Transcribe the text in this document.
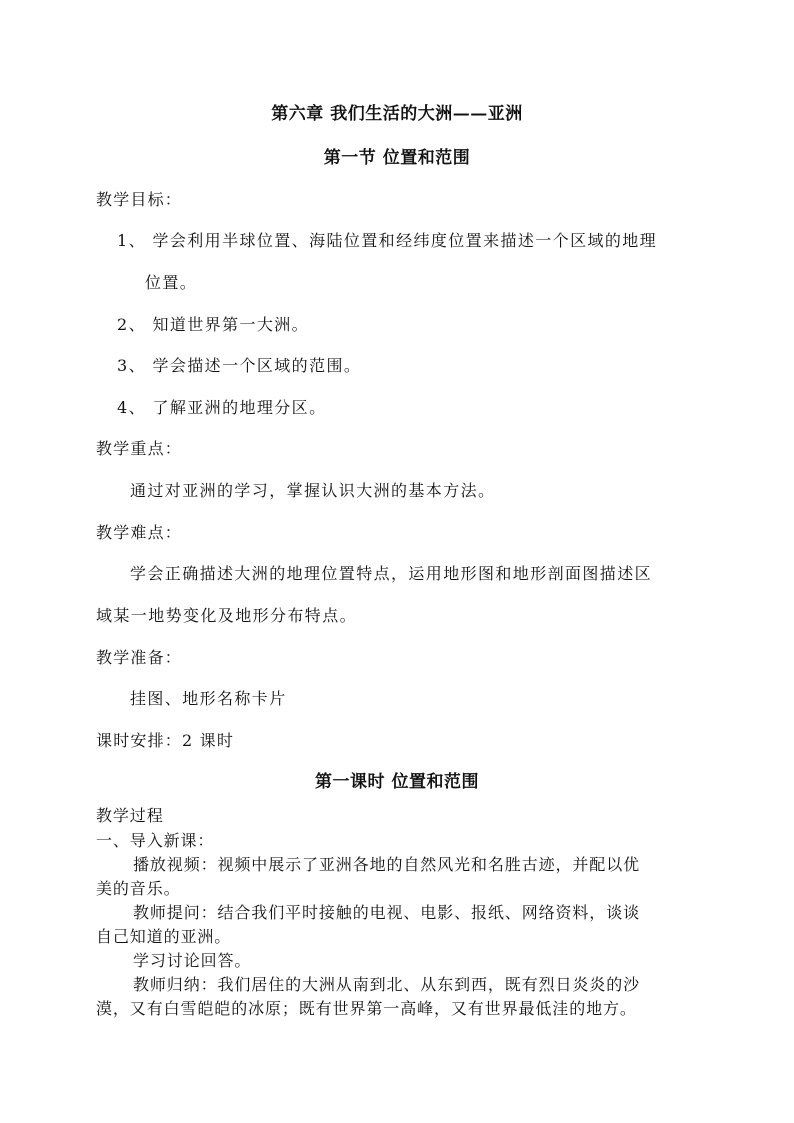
第六章 我们生活的大洲——亚洲
第一节 位置和范围
教学目标：
1、 学会利用半球位置、海陆位置和经纬度位置来描述一个区域的地理
位置。
2、 知道世界第一大洲。
3、 学会描述一个区域的范围。
4、 了解亚洲的地理分区。
教学重点：
通过对亚洲的学习，掌握认识大洲的基本方法。
教学难点：
学会正确描述大洲的地理位置特点，运用地形图和地形剖面图描述区
域某一地势变化及地形分布特点。
教学准备：
挂图、地形名称卡片
课时安排：2 课时
第一课时 位置和范围
教学过程
一、导入新课：
播放视频：视频中展示了亚洲各地的自然风光和名胜古迹，并配以优
美的音乐。
教师提问：结合我们平时接触的电视、电影、报纸、网络资料，谈谈
自己知道的亚洲。
学习讨论回答。
教师归纳：我们居住的大洲从南到北、从东到西，既有烈日炎炎的沙
漠，又有白雪皑皑的冰原；既有世界第一高峰，又有世界最低洼的地方。
